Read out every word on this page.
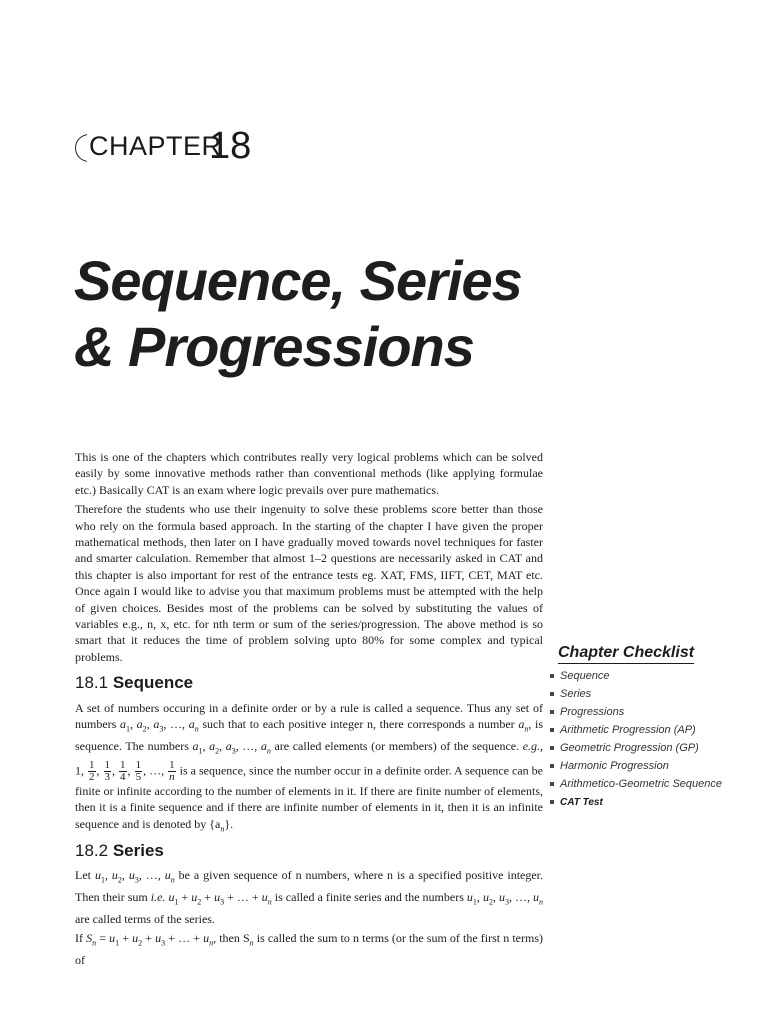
CHAPTER
18
Sequence, Series
& Progressions

This is one of the chapters which contributes really very logical problems which can be solved easily by some innovative methods rather than conventional methods (like applying formulae etc.) Basically CAT is an exam where logic prevails over pure mathematics.

Therefore the students who use their ingenuity to solve these problems score better than those who rely on the formula based approach. In the starting of the chapter I have given the proper mathematical methods, then later on I have gradually moved towards novel techniques for faster and smarter calculation. Remember that almost 1–2 questions are necessarily asked in CAT and this chapter is also important for rest of the entrance tests eg. XAT, FMS, IIFT, CET, MAT etc. Once again I would like to advise you that maximum problems must be attempted with the help of given choices. Besides most of the problems can be solved by substituting the values of variables e.g., n, x, etc. for nth term or sum of the series/progression. The above method is so smart that it reduces the time of problem solving upto 80% for some complex and typical problems.

18.1 Sequence

A set of numbers occuring in a definite order or by a rule is called a sequence. Thus any set of numbers $a_1$, $a_2$, $a_3$, …, $a_n$ such that to each positive integer n, there corresponds a number $a_n$, is sequence. The numbers $a_1$, $a_2$, $a_3$, …, $a_n$ are called elements (or members) of the sequence. e.g., 1, $\frac{1}{2}$ , $\frac{1}{3}$ , $\frac{1}{4}$ , $\frac{1}{5}$ , …, $\frac{1}{n}$ is a sequence, since the number occur in a definite order. A sequence can be finite or infinite according to the number of elements in it. If there are finite number of elements, then it is a finite sequence and if there are infinite number of elements in it, then it is an infinite sequence and is denoted by $\{a_n\}$.

18.2 Series

Let $u_1$, $u_2$, $u_3$, …, $u_n$ be a given sequence of n numbers, where n is a specified positive integer. Then their sum i.e. $u_1 + u_2 + u_3$ + … + $u_n$ is called a finite series and the numbers $u_1$, $u_2$, $u_3$, …, $u_n$ are called terms of the series.

If $S_n = u_1 + u_2 + u_3$ + … + $u_n$, then $S_n$ is called the sum to n terms (or the sum of the first n terms) of

Chapter Checklist
Sequence
Series
Progressions
Arithmetic Progression (AP)
Geometric Progression (GP)
Harmonic Progression
Arithmetico-Geometric Sequence
CAT Test
